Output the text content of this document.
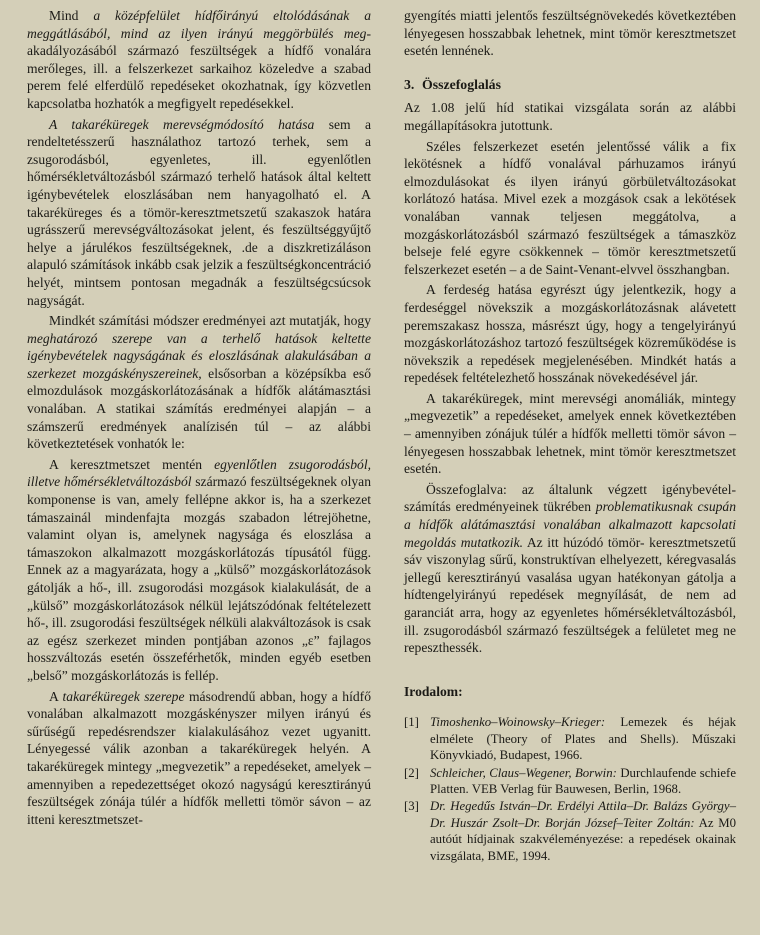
Mind a középfelület hídfőirányú eltolódásának a meggátlásából, mind az ilyen irányú meggörbülés meg-akadályozásából származó feszültségek a hídfő vonalára merőleges, ill. a felszerkezet sarkaihoz közeledve a szabad perem felé elferdülő repedéseket okozhatnak, így közvetlen kapcsolatba hozhatók a megfigyelt repedésekkel.

A takaréküregek merevségmódosító hatása sem a rendeltetésszerű használathoz tartozó terhek, sem a zsugorodásból, egyenletes, ill. egyenlőtlen hőmérsékletváltozásból származó terhelő hatások által keltett igénybevételek eloszlásában nem hanyagolható el. A takaréküreges és a tömör-keresztmetszetű szakaszok határa ugrásszerű merevségváltozásokat jelent, és feszültséggyűjtő helye a járulékos feszültségeknek, .de a diszkretizáláson alapuló számítások inkább csak jelzik a feszültségkoncentráció helyét, mintsem pontosan megadnák a feszültségcsúcsok nagyságát.

Mindkét számítási módszer eredményei azt mutatják, hogy meghatározó szerepe van a terhelő hatások keltette igénybevételek nagyságának és eloszlásának alakulásában a szerkezet mozgáskényszereinek, elsősorban a középsíkba eső elmozdulások mozgáskorlátozásának a hídfők alátámasztási vonalában. A statikai számítás eredményei alapján – a számszerű eredmények analízisén túl – az alábbi következtetések vonhatók le:

A keresztmetszet mentén egyenlőtlen zsugorodásból, illetve hőmérsékletváltozásból származó feszültségeknek olyan komponense is van, amely fellépne akkor is, ha a szerkezet támaszainál mindenfajta mozgás szabadon létrejöhetne, valamint olyan is, amelynek nagysága és eloszlása a támaszokon alkalmazott mozgáskorlátozás típusától függ. Ennek az a magyarázata, hogy a „külső” mozgáskorlátozások gátolják a hő-, ill. zsugorodási mozgások kialakulását, de a „külső” mozgáskorlátozások nélkül lejátszódónak feltételezett hő-, ill. zsugorodási feszültségek nélküli alakváltozások is csak az egész szerkezet minden pontjában azonos „ε” fajlagos hosszváltozás esetén összeférhetők, minden egyéb esetben „belső” mozgáskorlátozás is fellép.

A takaréküregek szerepe másodrendű abban, hogy a hídfő vonalában alkalmazott mozgáskényszer milyen irányú és sűrűségű repedésrendszer kialakulásához vezet ugyanitt. Lényegessé válik azonban a takaréküregek helyén. A takaréküregek mintegy „megvezetik” a repedéseket, amelyek – amennyiben a repedezettséget okozó nagyságú keresztirányú feszültségek zónája túlér a hídfők melletti tömör sávon – az itteni keresztmetszet-

gyengítés miatti jelentős feszültségnövekedés következtében lényegesen hosszabbak lehetnek, mint tömör keresztmetszet esetén lennének.

3. Összefoglalás

Az 1.08 jelű híd statikai vizsgálata során az alábbi megállapításokra jutottunk.

Széles felszerkezet esetén jelentőssé válik a fix lekötésnek a hídfő vonalával párhuzamos irányú elmozdulásokat és ilyen irányú görbületváltozásokat korlátozó hatása. Mivel ezek a mozgások csak a lekötések vonalában vannak teljesen meggátolva, a mozgáskorlátozásból származó feszültségek a támaszköz belseje felé egyre csökkennek – tömör keresztmetszetű felszerkezet esetén – a de Saint-Venant-elvvel összhangban.

A ferdeség hatása egyrészt úgy jelentkezik, hogy a ferdeséggel növekszik a mozgáskorlátozásnak alávetett peremszakasz hossza, másrészt úgy, hogy a tengelyirányú mozgáskorlátozáshoz tartozó feszültségek közreműködése is növekszik a repedések megjelenésében. Mindkét hatás a repedések feltételezhető hosszának növekedésével jár.

A takaréküregek, mint merevségi anomáliák, mintegy „megvezetik” a repedéseket, amelyek ennek következtében – amennyiben zónájuk túlér a hídfők melletti tömör sávon – lényegesen hosszabbak lehetnek, mint tömör keresztmetszet esetén.

Összefoglalva: az általunk végzett igénybevétel-számítás eredményeinek tükrében problematikusnak csupán a hídfők alátámasztási vonalában alkalmazott kapcsolati megoldás mutatkozik. Az itt húzódó tömör- keresztmetszetű sáv viszonylag sűrű, konstruktívan elhelyezett, kéregvasalás jellegű keresztirányú vasalása ugyan hatékonyan gátolja a hídtengelyirányú repedések megnyílását, de nem ad garanciát arra, hogy az egyenletes hőmérsékletváltozásból, ill. zsugorodásból származó feszültségek a felületet meg ne repeszthessék.

Irodalom:
[1] Timoshenko–Woinowsky–Krieger: Lemezek és héjak elmélete (Theory of Plates and Shells). Műszaki Könyvkiadó, Budapest, 1966.
[2] Schleicher, Claus–Wegener, Borwin: Durchlaufende schiefe Platten. VEB Verlag für Bauwesen, Berlin, 1968.
[3] Dr. Hegedűs István–Dr. Erdélyi Attila–Dr. Balázs György–Dr. Huszár Zsolt–Dr. Borján József–Teiter Zoltán: Az M0 autóút hídjainak szakvéleményezése: a repedések okainak vizsgálata, BME, 1994.
